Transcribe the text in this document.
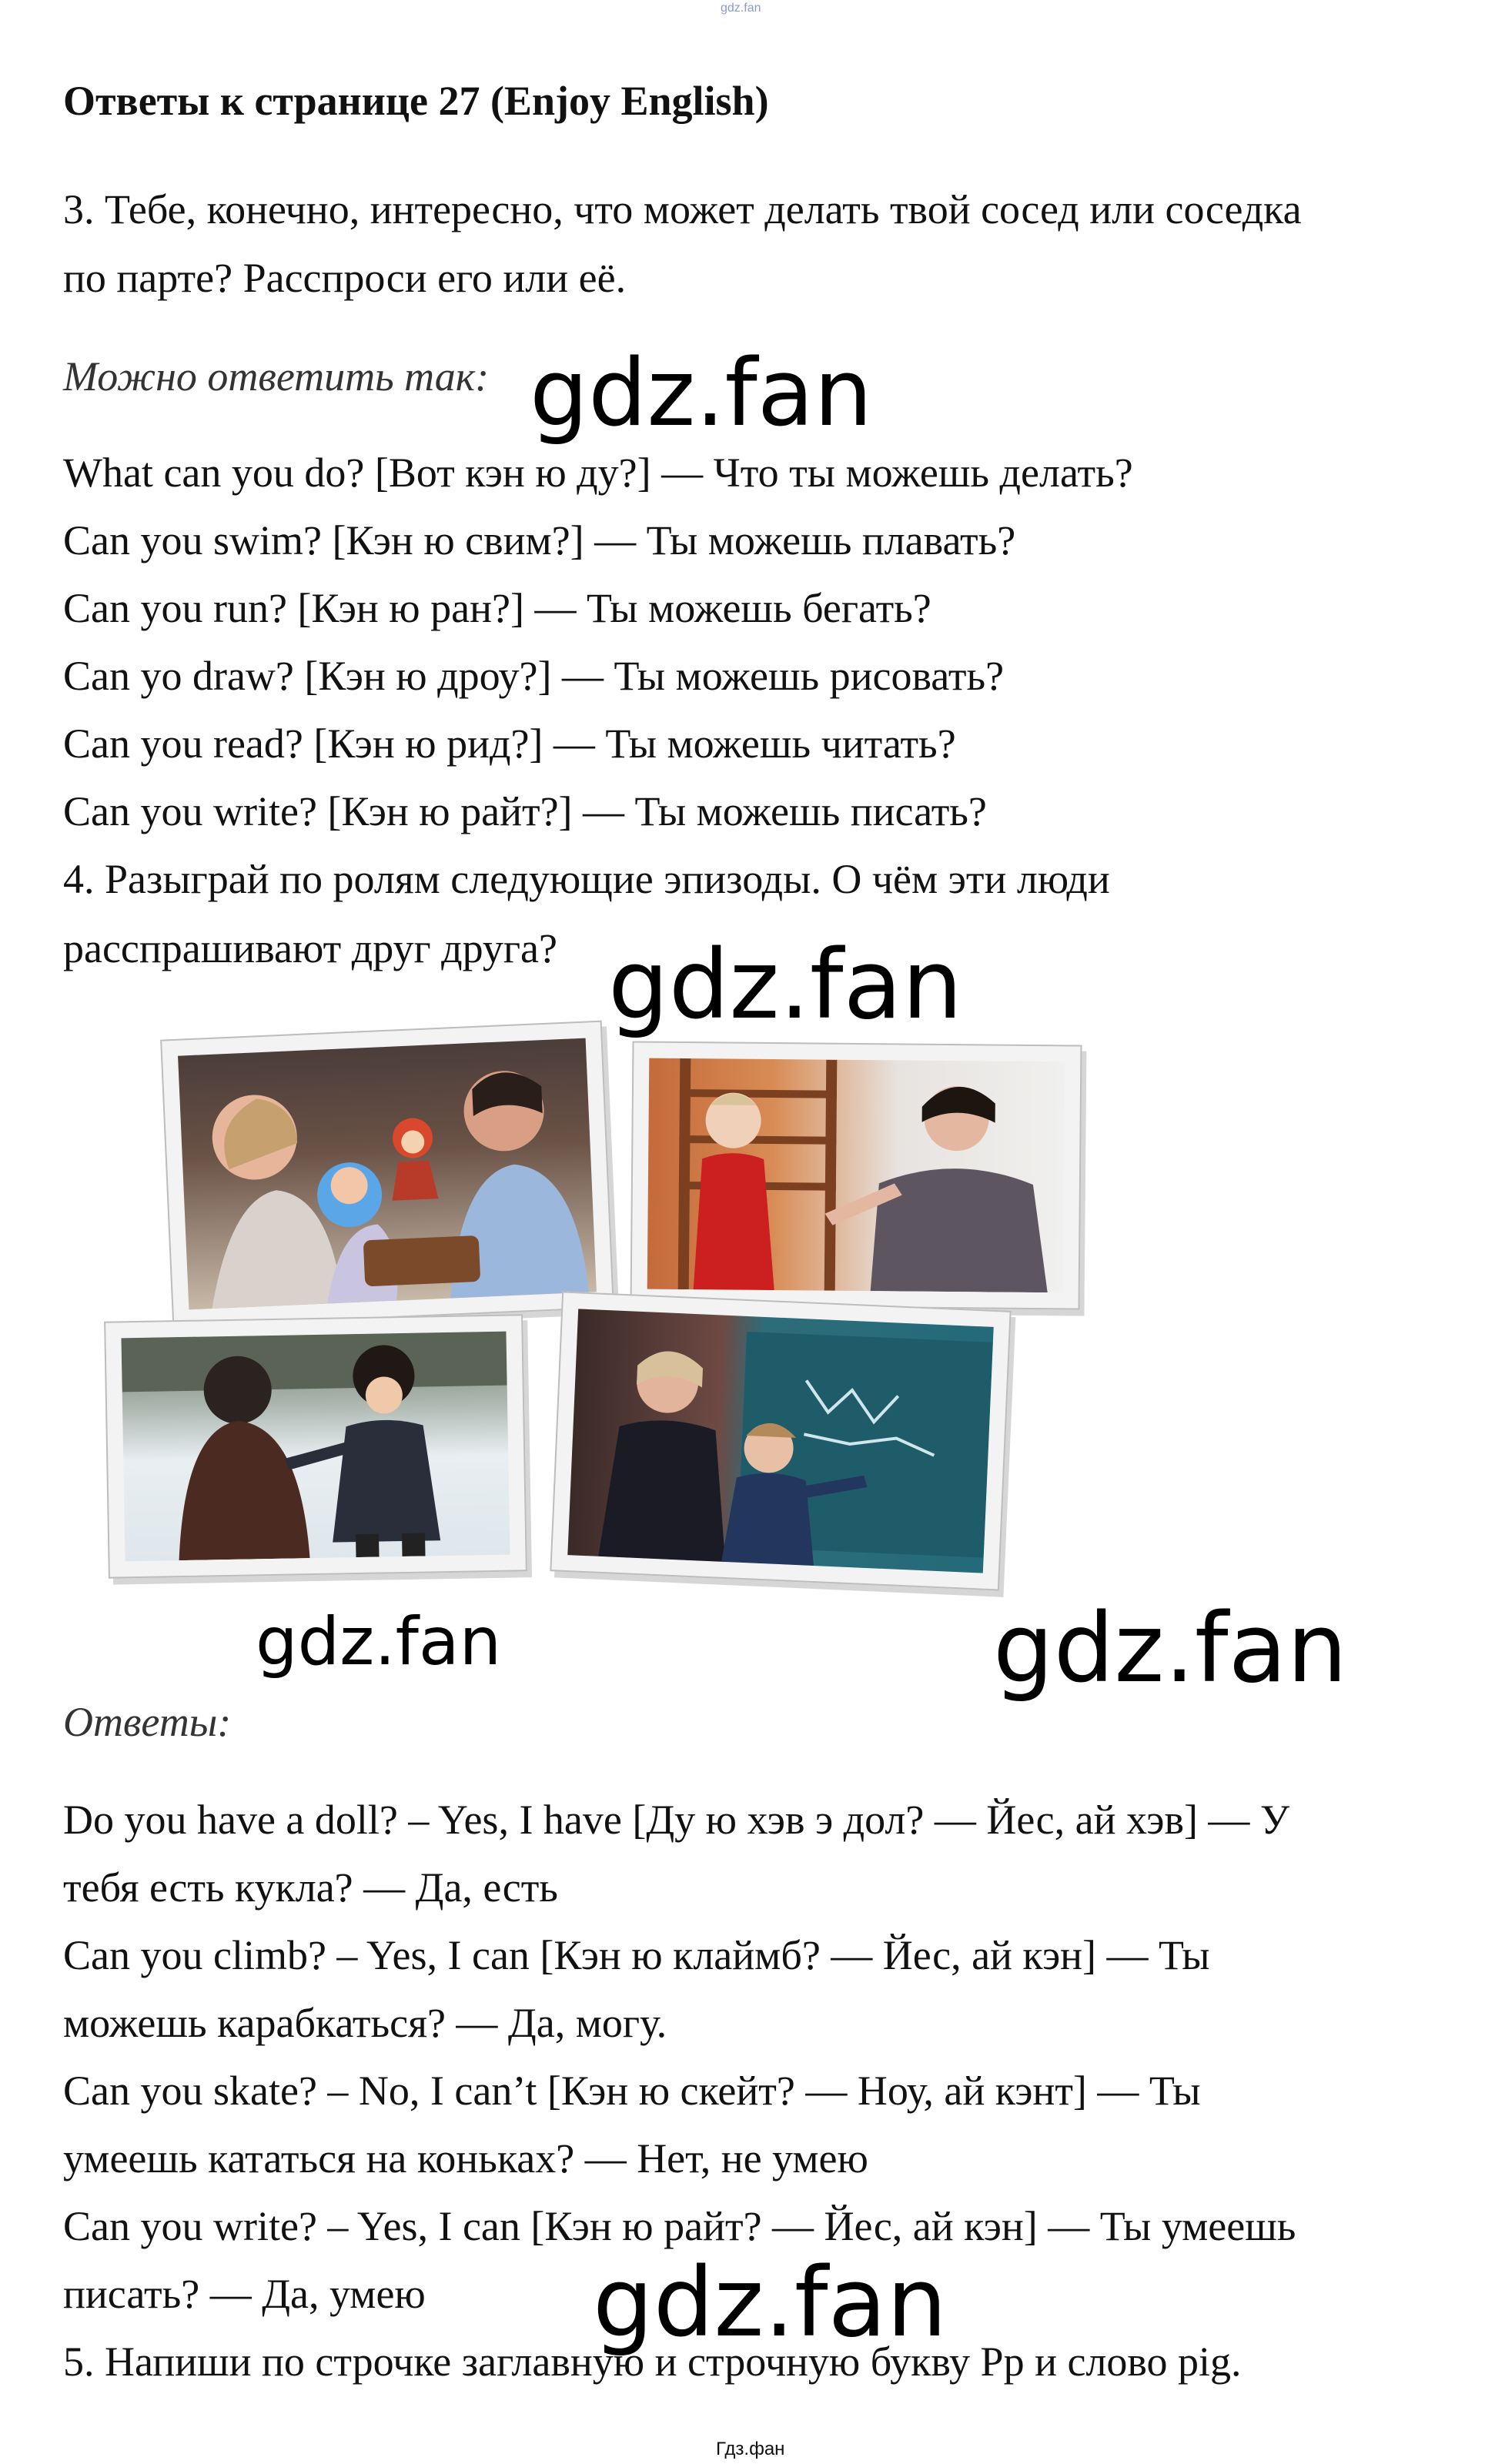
gdz.fan
Ответы к странице 27 (Enjoy English)
3. Тебе, конечно, интересно, что может делать твой сосед или соседка
по парте? Расспроси его или её.
Можно ответить так: gdz.fan
What can you do? [Вот кэн ю ду?] — Что ты можешь делать?
Can you swim? [Кэн ю свим?] — Ты можешь плавать?
Can you run? [Кэн ю ран?] — Ты можешь бегать?
Can yo draw? [Кэн ю дроу?] — Ты можешь рисовать?
Can you read? [Кэн ю рид?] — Ты можешь читать?
Can you write? [Кэн ю райт?] — Ты можешь писать?
4. Разыграй по ролям следующие эпизоды. О чём эти люди
расспрашивают друг друга? gdz.fan
gdz.fan	gdz.fan
Ответы:
Do you have a doll? – Yes, I have [Ду ю хэв э дол? — Йес, ай хэв] — У
тебя есть кукла? — Да, есть
Can you climb? – Yes, I can [Кэн ю клаймб? — Йес, ай кэн] — Ты
можешь карабкаться? — Да, могу.
Can you skate? – No, I can’t [Кэн ю скейт? — Ноу, ай кэнт] — Ты
умеешь кататься на коньках? — Нет, не умею
Can you write? – Yes, I can [Кэн ю райт? — Йес, ай кэн] — Ты умеешь
писать? — Да, умею gdz.fan
5. Напиши по строчке заглавную и строчную букву Pp и слово pig.
Гдз.фан
